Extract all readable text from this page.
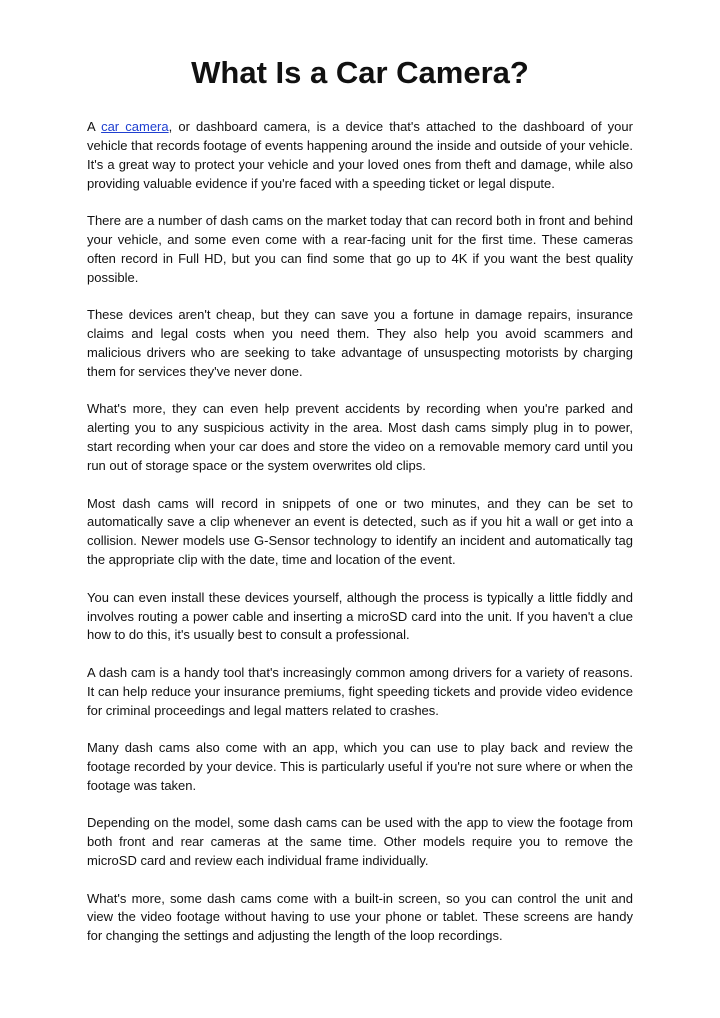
What Is a Car Camera?

A car camera, or dashboard camera, is a device that's attached to the dashboard of your vehicle that records footage of events happening around the inside and outside of your vehicle. It's a great way to protect your vehicle and your loved ones from theft and damage, while also providing valuable evidence if you're faced with a speeding ticket or legal dispute.

There are a number of dash cams on the market today that can record both in front and behind your vehicle, and some even come with a rear-facing unit for the first time. These cameras often record in Full HD, but you can find some that go up to 4K if you want the best quality possible.

These devices aren't cheap, but they can save you a fortune in damage repairs, insurance claims and legal costs when you need them. They also help you avoid scammers and malicious drivers who are seeking to take advantage of unsuspecting motorists by charging them for services they've never done.

What's more, they can even help prevent accidents by recording when you're parked and alerting you to any suspicious activity in the area. Most dash cams simply plug in to power, start recording when your car does and store the video on a removable memory card until you run out of storage space or the system overwrites old clips.

Most dash cams will record in snippets of one or two minutes, and they can be set to automatically save a clip whenever an event is detected, such as if you hit a wall or get into a collision. Newer models use G-Sensor technology to identify an incident and automatically tag the appropriate clip with the date, time and location of the event.

You can even install these devices yourself, although the process is typically a little fiddly and involves routing a power cable and inserting a microSD card into the unit. If you haven't a clue how to do this, it's usually best to consult a professional.

A dash cam is a handy tool that's increasingly common among drivers for a variety of reasons. It can help reduce your insurance premiums, fight speeding tickets and provide video evidence for criminal proceedings and legal matters related to crashes.

Many dash cams also come with an app, which you can use to play back and review the footage recorded by your device. This is particularly useful if you're not sure where or when the footage was taken.

Depending on the model, some dash cams can be used with the app to view the footage from both front and rear cameras at the same time. Other models require you to remove the microSD card and review each individual frame individually.

What's more, some dash cams come with a built-in screen, so you can control the unit and view the video footage without having to use your phone or tablet. These screens are handy for changing the settings and adjusting the length of the loop recordings.
